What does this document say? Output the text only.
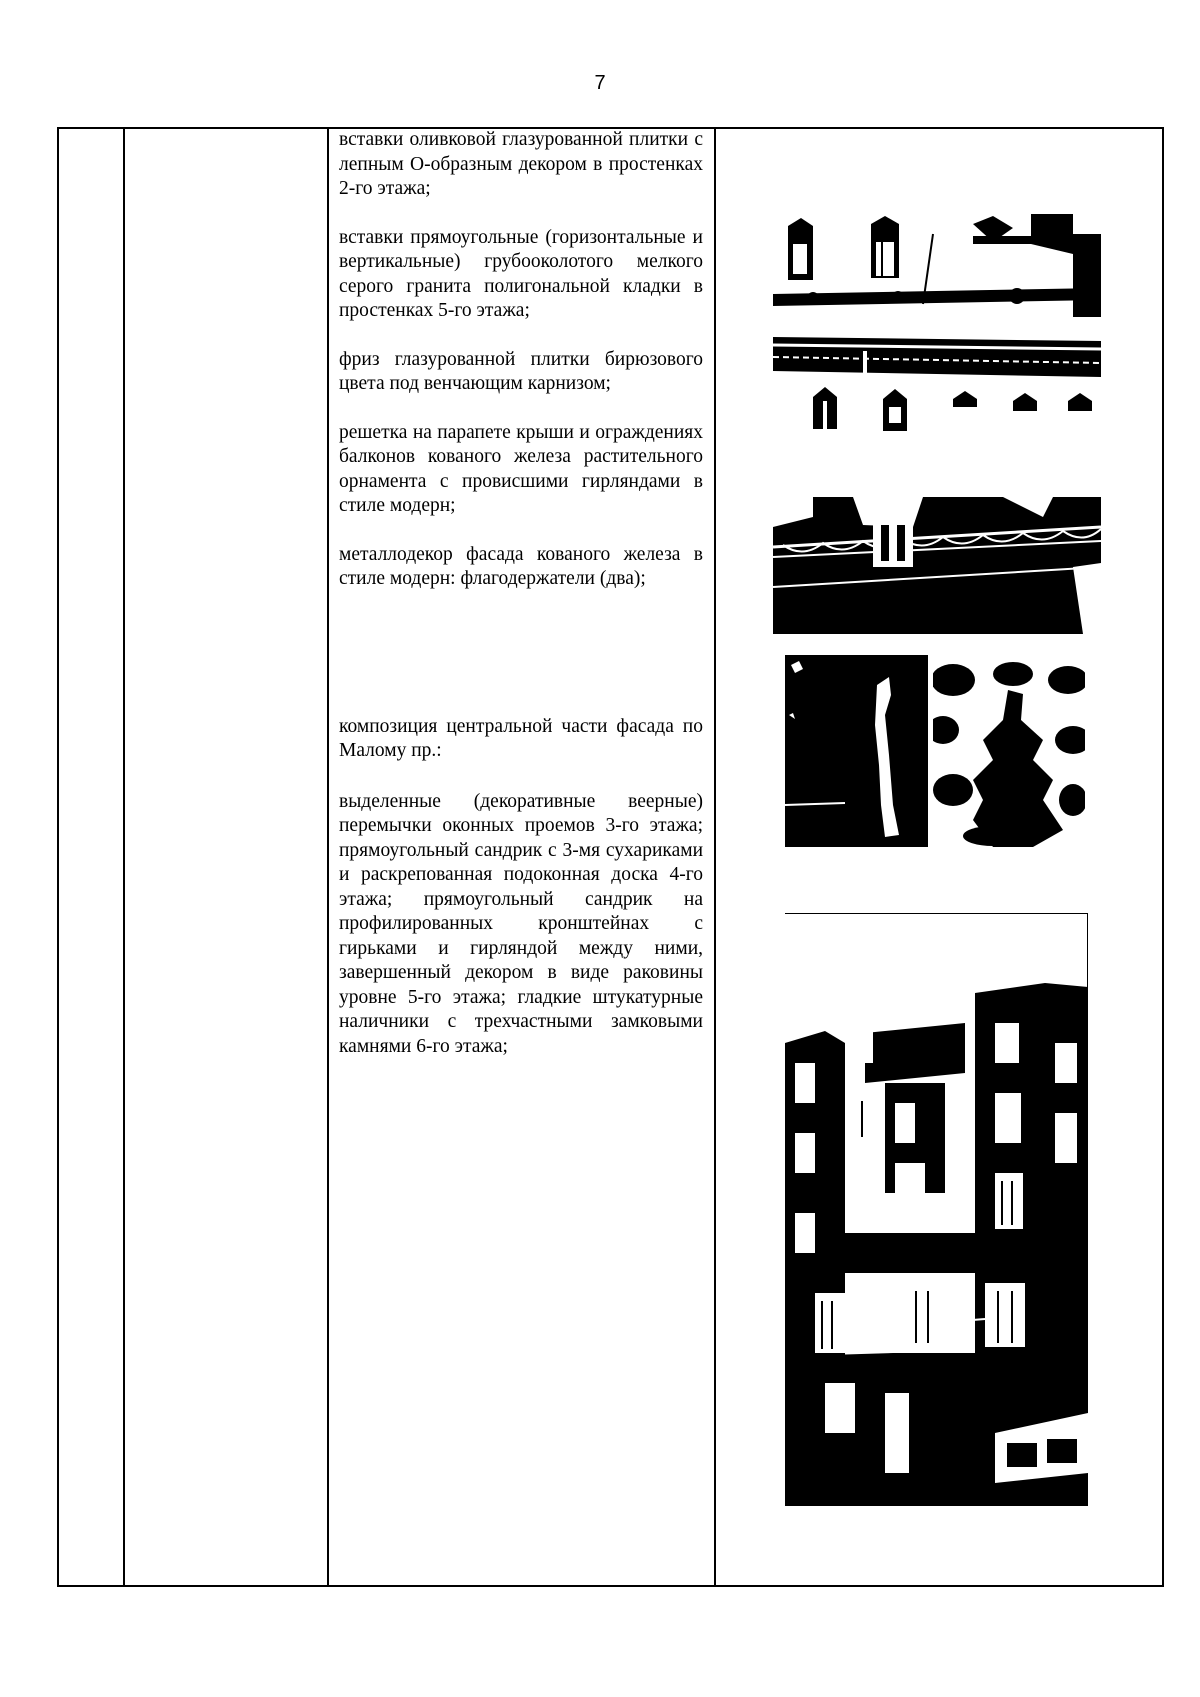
7

вставки оливковой глазурованной плитки с лепным О-образным декором в простенках 2-го этажа;

вставки прямоугольные (горизонтальные и вертикальные) грубооколотого мелкого серого гранита полигональной кладки в простенках 5-го этажа;

фриз глазурованной плитки бирюзового цвета под венчающим карнизом;

решетка на парапете крыши и ограждениях балконов кованого железа растительного орнамента с провисшими гирляндами в стиле модерн;

металлодекор фасада кованого железа в стиле модерн: флагодержатели (два);

композиция центральной части фасада по Малому пр.:

выделенные (декоративные веерные) перемычки оконных проемов 3-го этажа; прямоугольный сандрик с 3-мя сухариками и раскрепованная подоконная доска 4-го этажа; прямоугольный сандрик на профилированных кронштейнах с гирьками и гирляндой между ними, завершенный декором в виде раковины уровне 5-го этажа; гладкие штукатурные наличники с трехчастными замковыми камнями 6-го этажа;
